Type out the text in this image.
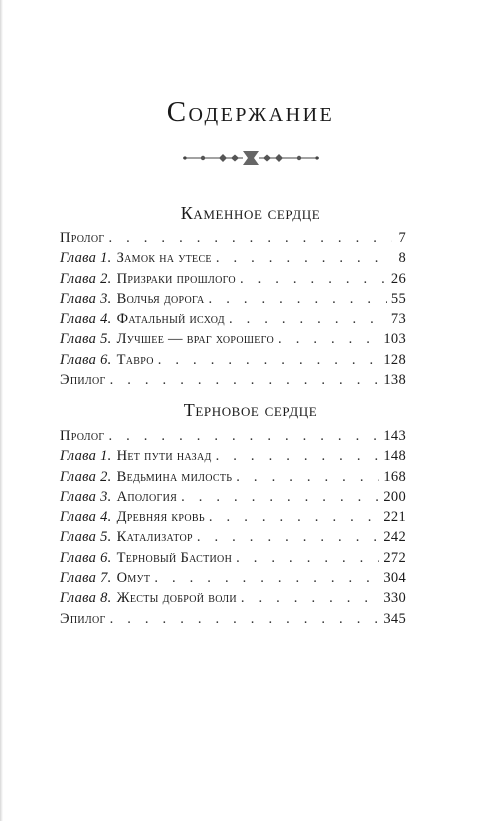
Содержание
Каменное сердце
Пролог . . .	7
Глава 1. Замок на утесе . . .	8
Глава 2. Призраки прошлого . . .	26
Глава 3. Волчья дорога . . .	55
Глава 4. Фатальный исход . . .	73
Глава 5. Лучшее — враг хорошего . . .	103
Глава 6. Тавро . . .	128
Эпилог . . .	138
Терновое сердце
Пролог . . .	143
Глава 1. Нет пути назад . . .	148
Глава 2. Ведьмина милость . . .	168
Глава 3. Апология . . .	200
Глава 4. Древняя кровь . . .	221
Глава 5. Катализатор . . .	242
Глава 6. Терновый Бастион . . .	272
Глава 7. Омут . . .	304
Глава 8. Жесты доброй воли . . .	330
Эпилог . . .	345
